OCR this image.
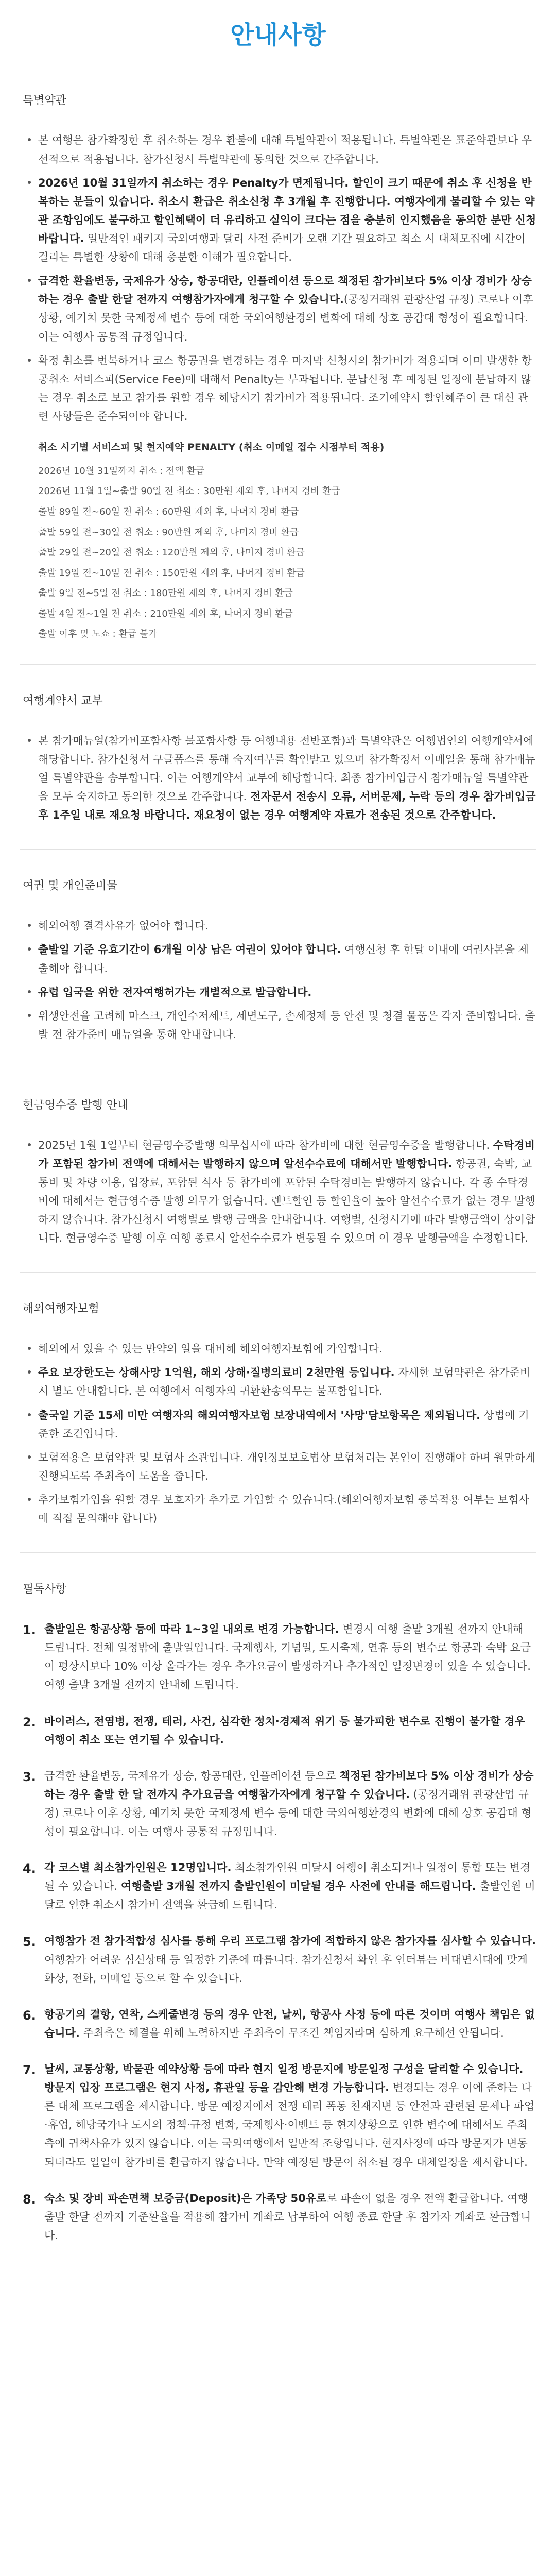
안내사항
특별약관
본 여행은 참가확정한 후 취소하는 경우 환불에 대해 특별약관이 적용됩니다. 특별약관은 표준약관보다 우선적으로 적용됩니다. 참가신청시 특별약관에 동의한 것으로 간주합니다.
2026년 10월 31일까지 취소하는 경우 Penalty가 면제됩니다. 할인이 크기 때문에 취소 후 신청을 반복하는 분들이 있습니다. 취소시 환급은 취소신청 후 3개월 후 진행합니다. 여행자에게 불리할 수 있는 약관 조항임에도 불구하고 할인혜택이 더 유리하고 실익이 크다는 점을 충분히 인지했음을 동의한 분만 신청바랍니다. 일반적인 패키지 국외여행과 달리 사전 준비가 오랜 기간 필요하고 최소 시 대체모집에 시간이 걸리는 특별한 상황에 대해 충분한 이해가 필요합니다.
급격한 환율변동, 국제유가 상승, 항공대란, 인플레이션 등으로 책정된 참가비보다 5% 이상 경비가 상승하는 경우 출발 한달 전까지 여행참가자에게 청구할 수 있습니다.(공정거래위 관광산업 규정) 코로나 이후 상황, 예기치 못한 국제정세 변수 등에 대한 국외여행환경의 변화에 대해 상호 공감대 형성이 필요합니다. 이는 여행사 공통적 규정입니다.
확정 취소를 번복하거나 코스 항공권을 변경하는 경우 마지막 신청시의 참가비가 적용되며 이미 발생한 항공취소 서비스피(Service Fee)에 대해서 Penalty는 부과됩니다. 분납신청 후 예정된 일정에 분납하지 않는 경우 취소로 보고 참가를 원할 경우 해당시기 참가비가 적용됩니다. 조기예약시 할인혜주이 큰 대신 관련 사항들은 준수되어야 합니다.
취소 시기별 서비스피 및 현지예약 PENALTY (취소 이메일 접수 시점부터 적용)
2026년 10월 31일까지 취소 : 전액 환급
2026년 11월 1일~출발 90일 전 취소 : 30만원 제외 후, 나머지 경비 환급
출발 89일 전~60일 전 취소 : 60만원 제외 후, 나머지 경비 환급
출발 59일 전~30일 전 취소 : 90만원 제외 후, 나머지 경비 환급
출발 29일 전~20일 전 취소 : 120만원 제외 후, 나머지 경비 환급
출발 19일 전~10일 전 취소 : 150만원 제외 후, 나머지 경비 환급
출발 9일 전~5일 전 취소 : 180만원 제외 후, 나머지 경비 환급
출발 4일 전~1일 전 취소 : 210만원 제외 후, 나머지 경비 환급
출발 이후 및 노쇼 : 환급 불가
여행계약서 교부
본 참가매뉴얼(참가비포함사항 불포함사항 등 여행내용 전반포함)과 특별약관은 여행법인의 여행계약서에 해당합니다. 참가신청서 구글폼스를 통해 숙지여부를 확인받고 있으며 참가확정서 이메일을 통해 참가매뉴얼 특별약관을 송부합니다. 이는 여행계약서 교부에 해당합니다. 최종 참가비입금시 참가매뉴얼 특별약관을 모두 숙지하고 동의한 것으로 간주합니다. 전자문서 전송시 오류, 서버문제, 누락 등의 경우 참가비입금 후 1주일 내로 재요청 바랍니다. 재요청이 없는 경우 여행계약 자료가 전송된 것으로 간주합니다.
여권 및 개인준비물
해외여행 결격사유가 없어야 합니다.
출발일 기준 유효기간이 6개월 이상 남은 여권이 있어야 합니다. 여행신청 후 한달 이내에 여권사본을 제출해야 합니다.
유럽 입국을 위한 전자여행허가는 개별적으로 발급합니다.
위생안전을 고려해 마스크, 개인수저세트, 세면도구, 손세정제 등 안전 및 청결 물품은 각자 준비합니다. 출발 전 참가준비 매뉴얼을 통해 안내합니다.
현금영수증 발행 안내
2025년 1월 1일부터 현금영수증발행 의무십시에 따라 참가비에 대한 현금영수증을 발행합니다. 수탁경비가 포함된 참가비 전액에 대해서는 발행하지 않으며 알선수수료에 대해서만 발행합니다. 항공권, 숙박, 교통비 및 차량 이용, 입장료, 포함된 식사 등 참가비에 포함된 수탁경비는 발행하지 않습니다. 각 종 수탁경비에 대해서는 현금영수증 발행 의무가 없습니다. 렌트할인 등 할인율이 높아 알선수수료가 없는 경우 발행하지 않습니다. 참가신청시 여행별로 발행 금액을 안내합니다. 여행별, 신청시기에 따라 발행금액이 상이합니다. 현금영수증 발행 이후 여행 종료시 알선수수료가 변동될 수 있으며 이 경우 발행금액을 수정합니다.
해외여행자보험
해외에서 있을 수 있는 만약의 일을 대비해 해외여행자보험에 가입합니다.
주요 보장한도는 상해사망 1억원, 해외 상해·질병의료비 2천만원 등입니다. 자세한 보험약관은 참가준비 시 별도 안내합니다. 본 여행에서 여행자의 귀환환송의무는 불포함입니다.
출국일 기준 15세 미만 여행자의 해외여행자보험 보장내역에서 '사망'담보항목은 제외됩니다. 상법에 기준한 조건입니다.
보험적용은 보험약관 및 보험사 소관입니다. 개인정보보호법상 보험처리는 본인이 진행해야 하며 원만하게 진행되도록 주최측이 도움을 줍니다.
추가보험가입을 원할 경우 보호자가 추가로 가입할 수 있습니다.(해외여행자보험 중복적용 여부는 보험사에 직접 문의해야 합니다)
필독사항
1. 출발일은 항공상황 등에 따라 1~3일 내외로 변경 가능합니다. 변경시 여행 출발 3개월 전까지 안내해 드립니다. 전체 일정밖에 출발일입니다. 국제행사, 기념일, 도시축제, 연휴 등의 변수로 항공과 숙박 요금이 평상시보다 10% 이상 올라가는 경우 추가요금이 발생하거나 추가적인 일정변경이 있을 수 있습니다. 여행 출발 3개월 전까지 안내해 드립니다.
2. 바이러스, 전염병, 전쟁, 테러, 사건, 심각한 정치·경제적 위기 등 불가피한 변수로 진행이 불가할 경우 여행이 취소 또는 연기될 수 있습니다.
3. 급격한 환율변동, 국제유가 상승, 항공대란, 인플레이션 등으로 책정된 참가비보다 5% 이상 경비가 상승하는 경우 출발 한 달 전까지 추가요금을 여행참가자에게 청구할 수 있습니다. (공정거래위 관광산업 규정) 코로나 이후 상황, 예기치 못한 국제정세 변수 등에 대한 국외여행환경의 변화에 대해 상호 공감대 형성이 필요합니다. 이는 여행사 공통적 규정입니다.
4. 각 코스별 최소참가인원은 12명입니다. 최소참가인원 미달시 여행이 취소되거나 일정이 통합 또는 변경될 수 있습니다. 여행출발 3개월 전까지 출발인원이 미달될 경우 사전에 안내를 해드립니다. 출발인원 미달로 인한 취소시 참가비 전액을 환급해 드립니다.
5. 여행참가 전 참가적합성 심사를 통해 우리 프로그램 참가에 적합하지 않은 참가자를 심사할 수 있습니다. 여행참가 어려운 심신상태 등 일정한 기준에 따릅니다. 참가신청서 확인 후 인터뷰는 비대면시대에 맞게 화상, 전화, 이메일 등으로 할 수 있습니다.
6. 항공기의 결항, 연착, 스케줄변경 등의 경우 안전, 날씨, 항공사 사정 등에 따른 것이며 여행사 책임은 없습니다. 주최측은 해결을 위해 노력하지만 주최측이 무조건 책임지라며 심하게 요구해선 안됩니다.
7. 날씨, 교통상황, 박물관 예약상황 등에 따라 현지 일정 방문지에 방문일정 구성을 달리할 수 있습니다. 방문지 입장 프로그램은 현지 사정, 휴관일 등을 감안해 변경 가능합니다. 변경되는 경우 이에 준하는 다른 대체 프로그램을 제시합니다. 방문 예정지에서 전쟁 테러 폭동 천재지변 등 안전과 관련된 문제나 파업·휴업, 해당국가나 도시의 정책·규정 변화, 국제행사·이벤트 등 현지상황으로 인한 변수에 대해서도 주최측에 귀책사유가 있지 않습니다. 이는 국외여행에서 일반적 조항입니다. 현지사정에 따라 방문지가 변동되더라도 일일이 참가비를 환급하지 않습니다. 만약 예정된 방문이 취소될 경우 대체일정을 제시합니다.
8. 숙소 및 장비 파손면책 보증금(Deposit)은 가족당 50유로로 파손이 없을 경우 전액 환급합니다. 여행 출발 한달 전까지 기준환율을 적용해 참가비 계좌로 납부하여 여행 종료 한달 후 참가자 계좌로 환급합니다.
